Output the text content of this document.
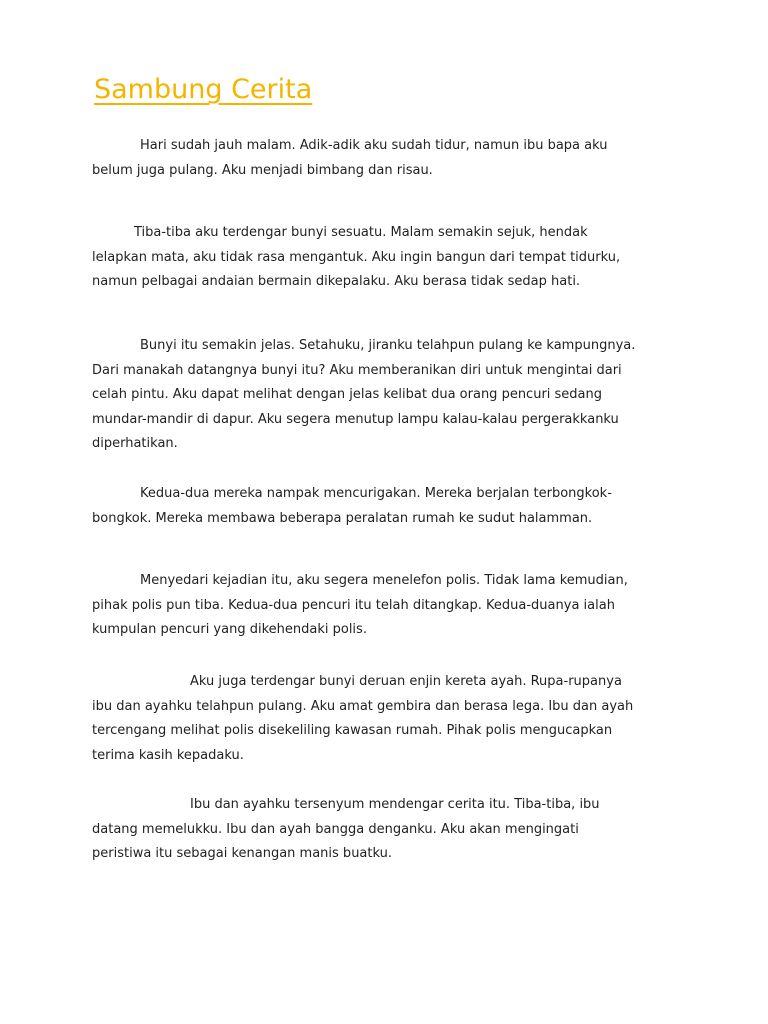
Sambung Cerita
Hari sudah jauh malam. Adik-adik aku sudah tidur, namun ibu bapa aku
belum juga pulang. Aku menjadi bimbang dan risau.
Tiba-tiba aku terdengar bunyi sesuatu. Malam semakin sejuk, hendak
lelapkan mata, aku tidak rasa mengantuk. Aku ingin bangun dari tempat tidurku,
namun pelbagai andaian bermain dikepalaku. Aku berasa tidak sedap hati.
Bunyi itu semakin jelas. Setahuku, jiranku telahpun pulang ke kampungnya.
Dari manakah datangnya bunyi itu? Aku memberanikan diri untuk mengintai dari
celah pintu. Aku dapat melihat dengan jelas kelibat dua orang pencuri sedang
mundar-mandir di dapur. Aku segera menutup lampu kalau-kalau pergerakkanku
diperhatikan.
Kedua-dua mereka nampak mencurigakan. Mereka berjalan terbongkok-
bongkok. Mereka membawa beberapa peralatan rumah ke sudut halamman.
Menyedari kejadian itu, aku segera menelefon polis. Tidak lama kemudian,
pihak polis pun tiba. Kedua-dua pencuri itu telah ditangkap. Kedua-duanya ialah
kumpulan pencuri yang dikehendaki polis.
Aku juga terdengar bunyi deruan enjin kereta ayah. Rupa-rupanya
ibu dan ayahku telahpun pulang. Aku amat gembira dan berasa lega. Ibu dan ayah
tercengang melihat polis disekeliling kawasan rumah. Pihak polis mengucapkan
terima kasih kepadaku.
Ibu dan ayahku tersenyum mendengar cerita itu. Tiba-tiba, ibu
datang memelukku. Ibu dan ayah bangga denganku. Aku akan mengingati
peristiwa itu sebagai kenangan manis buatku.
